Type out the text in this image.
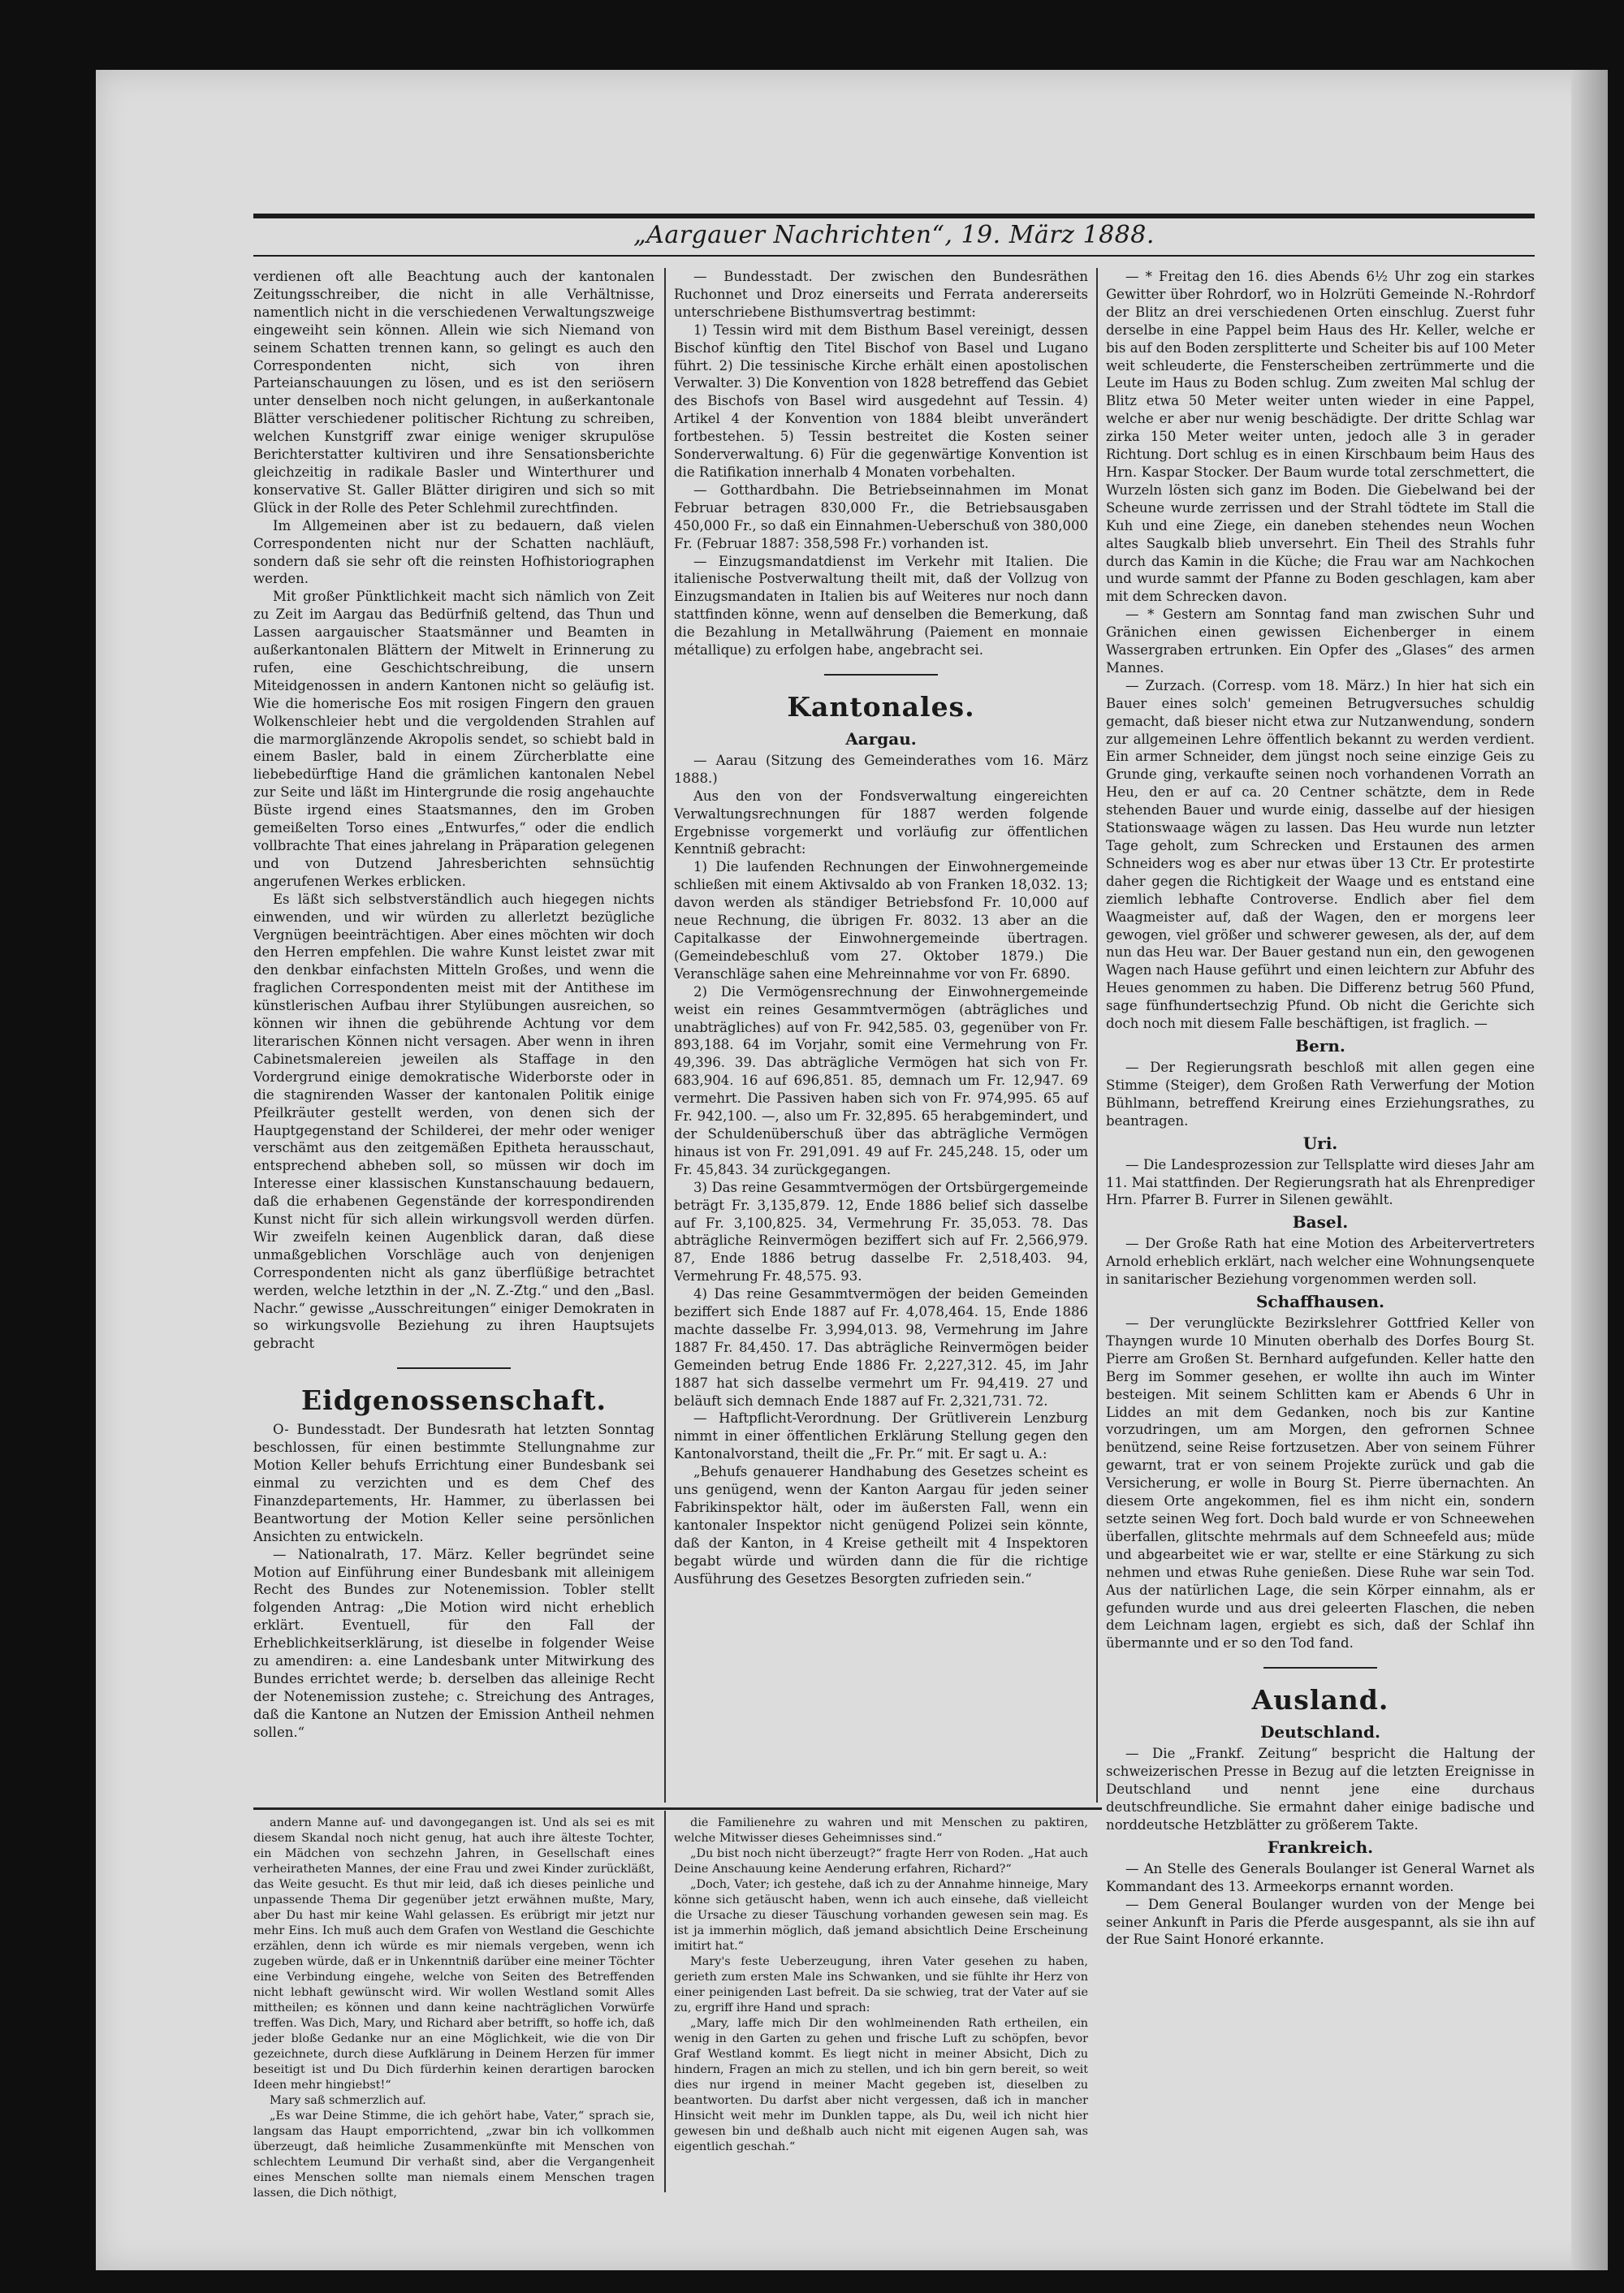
„Aargauer Nachrichten“, 19. März 1888.

verdienen oft alle Beachtung auch der kantonalen Zeitungsschreiber, die nicht in alle Verhältnisse, namentlich nicht in die verschiedenen Verwaltungszweige eingeweiht sein können. Allein wie sich Niemand von seinem Schatten trennen kann, so gelingt es auch den Correspondenten nicht, sich von ihren Parteianschauungen zu lösen, und es ist den seriösern unter denselben noch nicht gelungen, in außerkantonale Blätter verschiedener politischer Richtung zu schreiben, welchen Kunstgriff zwar einige weniger skrupulöse Berichterstatter kultiviren und ihre Sensationsberichte gleichzeitig in radikale Basler und Winterthurer und konservative St. Galler Blätter dirigiren und sich so mit Glück in der Rolle des Peter Schlehmil zurechtfinden.

Im Allgemeinen aber ist zu bedauern, daß vielen Correspondenten nicht nur der Schatten nachläuft, sondern daß sie sehr oft die reinsten Hofhistoriographen werden.

Mit großer Pünktlichkeit macht sich nämlich von Zeit zu Zeit im Aargau das Bedürfniß geltend, das Thun und Lassen aargauischer Staatsmänner und Beamten in außerkantonalen Blättern der Mitwelt in Erinnerung zu rufen, eine Geschichtschreibung, die unsern Miteidgenossen in andern Kantonen nicht so geläufig ist. Wie die homerische Eos mit rosigen Fingern den grauen Wolkenschleier hebt und die vergoldenden Strahlen auf die marmorglänzende Akropolis sendet, so schiebt bald in einem Basler, bald in einem Zürcherblatte eine liebebedürftige Hand die grämlichen kantonalen Nebel zur Seite und läßt im Hintergrunde die rosig angehauchte Büste irgend eines Staatsmannes, den im Groben gemeißelten Torso eines „Entwurfes,“ oder die endlich vollbrachte That eines jahrelang in Präparation gelegenen und von Dutzend Jahresberichten sehnsüchtig angerufenen Werkes erblicken.

Es läßt sich selbstverständlich auch hiegegen nichts einwenden, und wir würden zu allerletzt bezügliche Vergnügen beeinträchtigen. Aber eines möchten wir doch den Herren empfehlen. Die wahre Kunst leistet zwar mit den denkbar einfachsten Mitteln Großes, und wenn die fraglichen Correspondenten meist mit der Antithese im künstlerischen Aufbau ihrer Stylübungen ausreichen, so können wir ihnen die gebührende Achtung vor dem literarischen Können nicht versagen. Aber wenn in ihren Cabinetsmalereien jeweilen als Staffage in den Vordergrund einige demokratische Widerborste oder in die stagnirenden Wasser der kantonalen Politik einige Pfeilkräuter gestellt werden, von denen sich der Hauptgegenstand der Schilderei, der mehr oder weniger verschämt aus den zeitgemäßen Epitheta herausschaut, entsprechend abheben soll, so müssen wir doch im Interesse einer klassischen Kunstanschauung bedauern, daß die erhabenen Gegenstände der korrespondirenden Kunst nicht für sich allein wirkungsvoll werden dürfen. Wir zweifeln keinen Augenblick daran, daß diese unmaßgeblichen Vorschläge auch von denjenigen Correspondenten nicht als ganz überflüßige betrachtet werden, welche letzthin in der „N. Z.-Ztg.“ und den „Basl. Nachr.“ gewisse „Ausschreitungen“ einiger Demokraten in so wirkungsvolle Beziehung zu ihren Hauptsujets gebracht

Eidgenossenschaft.

O- Bundesstadt. Der Bundesrath hat letzten Sonntag beschlossen, für einen bestimmte Stellungnahme zur Motion Keller behufs Errichtung einer Bundesbank sei einmal zu verzichten und es dem Chef des Finanzdepartements, Hr. Hammer, zu überlassen bei Beantwortung der Motion Keller seine persönlichen Ansichten zu entwickeln.

— Nationalrath, 17. März. Keller begründet seine Motion auf Einführung einer Bundesbank mit alleinigem Recht des Bundes zur Notenemission. Tobler stellt folgenden Antrag: „Die Motion wird nicht erheblich erklärt. Eventuell, für den Fall der Erheblichkeitserklärung, ist dieselbe in folgender Weise zu amendiren: a. eine Landesbank unter Mitwirkung des Bundes errichtet werde; b. derselben das alleinige Recht der Notenemission zustehe; c. Streichung des Antrages, daß die Kantone an Nutzen der Emission Antheil nehmen sollen.“

— Bundesstadt. Der zwischen den Bundesräthen Ruchonnet und Droz einerseits und Ferrata andererseits unterschriebene Bisthumsvertrag bestimmt:

1) Tessin wird mit dem Bisthum Basel vereinigt, dessen Bischof künftig den Titel Bischof von Basel und Lugano führt. 2) Die tessinische Kirche erhält einen apostolischen Verwalter. 3) Die Konvention von 1828 betreffend das Gebiet des Bischofs von Basel wird ausgedehnt auf Tessin. 4) Artikel 4 der Konvention von 1884 bleibt unverändert fortbestehen. 5) Tessin bestreitet die Kosten seiner Sonderverwaltung. 6) Für die gegenwärtige Konvention ist die Ratifikation innerhalb 4 Monaten vorbehalten.

— Gotthardbahn. Die Betriebseinnahmen im Monat Februar betragen 830,000 Fr., die Betriebsausgaben 450,000 Fr., so daß ein Einnahmen-Ueberschuß von 380,000 Fr. (Februar 1887: 358,598 Fr.) vorhanden ist.

— Einzugsmandatdienst im Verkehr mit Italien. Die italienische Postverwaltung theilt mit, daß der Vollzug von Einzugsmandaten in Italien bis auf Weiteres nur noch dann stattfinden könne, wenn auf denselben die Bemerkung, daß die Bezahlung in Metallwährung (Paiement en monnaie métallique) zu erfolgen habe, angebracht sei.

Kantonales.
Aargau.

— Aarau (Sitzung des Gemeinderathes vom 16. März 1888.)

Aus den von der Fondsverwaltung eingereichten Verwaltungsrechnungen für 1887 werden folgende Ergebnisse vorgemerkt und vorläufig zur öffentlichen Kenntniß gebracht:

1) Die laufenden Rechnungen der Einwohnergemeinde schließen mit einem Aktivsaldo ab von Franken 18,032. 13; davon werden als ständiger Betriebsfond Fr. 10,000 auf neue Rechnung, die übrigen Fr. 8032. 13 aber an die Capitalkasse der Einwohnergemeinde übertragen. (Gemeindebeschluß vom 27. Oktober 1879.) Die Veranschläge sahen eine Mehreinnahme vor von Fr. 6890.

2) Die Vermögensrechnung der Einwohnergemeinde weist ein reines Gesammtvermögen (abträgliches und unabträgliches) auf von Fr. 942,585. 03, gegenüber von Fr. 893,188. 64 im Vorjahr, somit eine Vermehrung von Fr. 49,396. 39. Das abträgliche Vermögen hat sich von Fr. 683,904. 16 auf 696,851. 85, demnach um Fr. 12,947. 69 vermehrt. Die Passiven haben sich von Fr. 974,995. 65 auf Fr. 942,100. —, also um Fr. 32,895. 65 herabgemindert, und der Schuldenüberschuß über das abträgliche Vermögen hinaus ist von Fr. 291,091. 49 auf Fr. 245,248. 15, oder um Fr. 45,843. 34 zurückgegangen.

3) Das reine Gesammtvermögen der Ortsbürgergemeinde beträgt Fr. 3,135,879. 12, Ende 1886 belief sich dasselbe auf Fr. 3,100,825. 34, Vermehrung Fr. 35,053. 78. Das abträgliche Reinvermögen beziffert sich auf Fr. 2,566,979. 87, Ende 1886 betrug dasselbe Fr. 2,518,403. 94, Vermehrung Fr. 48,575. 93.

4) Das reine Gesammtvermögen der beiden Gemeinden beziffert sich Ende 1887 auf Fr. 4,078,464. 15, Ende 1886 machte dasselbe Fr. 3,994,013. 98, Vermehrung im Jahre 1887 Fr. 84,450. 17. Das abträgliche Reinvermögen beider Gemeinden betrug Ende 1886 Fr. 2,227,312. 45, im Jahr 1887 hat sich dasselbe vermehrt um Fr. 94,419. 27 und beläuft sich demnach Ende 1887 auf Fr. 2,321,731. 72.

— Haftpflicht-Verordnung. Der Grütliverein Lenzburg nimmt in einer öffentlichen Erklärung Stellung gegen den Kantonalvorstand, theilt die „Fr. Pr.“ mit. Er sagt u. A.:

„Behufs genauerer Handhabung des Gesetzes scheint es uns genügend, wenn der Kanton Aargau für jeden seiner Fabrikinspektor hält, oder im äußersten Fall, wenn ein kantonaler Inspektor nicht genügend Polizei sein könnte, daß der Kanton, in 4 Kreise getheilt mit 4 Inspektoren begabt würde und würden dann die für die richtige Ausführung des Gesetzes Besorgten zufrieden sein.“

— * Freitag den 16. dies Abends 6½ Uhr zog ein starkes Gewitter über Rohrdorf, wo in Holzrüti Gemeinde N.-Rohrdorf der Blitz an drei verschiedenen Orten einschlug. Zuerst fuhr derselbe in eine Pappel beim Haus des Hr. Keller, welche er bis auf den Boden zersplitterte und Scheiter bis auf 100 Meter weit schleuderte, die Fensterscheiben zertrümmerte und die Leute im Haus zu Boden schlug. Zum zweiten Mal schlug der Blitz etwa 50 Meter weiter unten wieder in eine Pappel, welche er aber nur wenig beschädigte. Der dritte Schlag war zirka 150 Meter weiter unten, jedoch alle 3 in gerader Richtung. Dort schlug es in einen Kirschbaum beim Haus des Hrn. Kaspar Stocker. Der Baum wurde total zerschmettert, die Wurzeln lösten sich ganz im Boden. Die Giebelwand bei der Scheune wurde zerrissen und der Strahl tödtete im Stall die Kuh und eine Ziege, ein daneben stehendes neun Wochen altes Saugkalb blieb unversehrt. Ein Theil des Strahls fuhr durch das Kamin in die Küche; die Frau war am Nachkochen und wurde sammt der Pfanne zu Boden geschlagen, kam aber mit dem Schrecken davon.

— * Gestern am Sonntag fand man zwischen Suhr und Gränichen einen gewissen Eichenberger in einem Wassergraben ertrunken. Ein Opfer des „Glases“ des armen Mannes.

— Zurzach. (Corresp. vom 18. März.) In hier hat sich ein Bauer eines solch' gemeinen Betrugversuches schuldig gemacht, daß bieser nicht etwa zur Nutzanwendung, sondern zur allgemeinen Lehre öffentlich bekannt zu werden verdient. Ein armer Schneider, dem jüngst noch seine einzige Geis zu Grunde ging, verkaufte seinen noch vorhandenen Vorrath an Heu, den er auf ca. 20 Centner schätzte, dem in Rede stehenden Bauer und wurde einig, dasselbe auf der hiesigen Stationswaage wägen zu lassen. Das Heu wurde nun letzter Tage geholt, zum Schrecken und Erstaunen des armen Schneiders wog es aber nur etwas über 13 Ctr. Er protestirte daher gegen die Richtigkeit der Waage und es entstand eine ziemlich lebhafte Controverse. Endlich aber fiel dem Waagmeister auf, daß der Wagen, den er morgens leer gewogen, viel größer und schwerer gewesen, als der, auf dem nun das Heu war. Der Bauer gestand nun ein, den gewogenen Wagen nach Hause geführt und einen leichtern zur Abfuhr des Heues genommen zu haben. Die Differenz betrug 560 Pfund, sage fünfhundertsechzig Pfund. Ob nicht die Gerichte sich doch noch mit diesem Falle beschäftigen, ist fraglich. —

Bern.

— Der Regierungsrath beschloß mit allen gegen eine Stimme (Steiger), dem Großen Rath Verwerfung der Motion Bühlmann, betreffend Kreirung eines Erziehungsrathes, zu beantragen.

Uri.

— Die Landesprozession zur Tellsplatte wird dieses Jahr am 11. Mai stattfinden. Der Regierungsrath hat als Ehrenprediger Hrn. Pfarrer B. Furrer in Silenen gewählt.

Basel.

— Der Große Rath hat eine Motion des Arbeitervertreters Arnold erheblich erklärt, nach welcher eine Wohnungsenquete in sanitarischer Beziehung vorgenommen werden soll.

Schaffhausen.

— Der verunglückte Bezirkslehrer Gottfried Keller von Thayngen wurde 10 Minuten oberhalb des Dorfes Bourg St. Pierre am Großen St. Bernhard aufgefunden. Keller hatte den Berg im Sommer gesehen, er wollte ihn auch im Winter besteigen. Mit seinem Schlitten kam er Abends 6 Uhr in Liddes an mit dem Gedanken, noch bis zur Kantine vorzudringen, um am Morgen, den gefrornen Schnee benützend, seine Reise fortzusetzen. Aber von seinem Führer gewarnt, trat er von seinem Projekte zurück und gab die Versicherung, er wolle in Bourg St. Pierre übernachten. An diesem Orte angekommen, fiel es ihm nicht ein, sondern setzte seinen Weg fort. Doch bald wurde er von Schneewehen überfallen, glitschte mehrmals auf dem Schneefeld aus; müde und abgearbeitet wie er war, stellte er eine Stärkung zu sich nehmen und etwas Ruhe genießen. Diese Ruhe war sein Tod. Aus der natürlichen Lage, die sein Körper einnahm, als er gefunden wurde und aus drei geleerten Flaschen, die neben dem Leichnam lagen, ergiebt es sich, daß der Schlaf ihn übermannte und er so den Tod fand.

Ausland.
Deutschland.

— Die „Frankf. Zeitung“ bespricht die Haltung der schweizerischen Presse in Bezug auf die letzten Ereignisse in Deutschland und nennt jene eine durchaus deutschfreundliche. Sie ermahnt daher einige badische und norddeutsche Hetzblätter zu größerem Takte.

Frankreich.

— An Stelle des Generals Boulanger ist General Warnet als Kommandant des 13. Armeekorps ernannt worden.

— Dem General Boulanger wurden von der Menge bei seiner Ankunft in Paris die Pferde ausgespannt, als sie ihn auf der Rue Saint Honoré erkannte.

andern Manne auf- und davongegangen ist. Und als sei es mit diesem Skandal noch nicht genug, hat auch ihre älteste Tochter, ein Mädchen von sechzehn Jahren, in Gesellschaft eines verheiratheten Mannes, der eine Frau und zwei Kinder zurückläßt, das Weite gesucht. Es thut mir leid, daß ich dieses peinliche und unpassende Thema Dir gegenüber jetzt erwähnen mußte, Mary, aber Du hast mir keine Wahl gelassen. Es erübrigt mir jetzt nur mehr Eins. Ich muß auch dem Grafen von Westland die Geschichte erzählen, denn ich würde es mir niemals vergeben, wenn ich zugeben würde, daß er in Unkenntniß darüber eine meiner Töchter eine Verbindung eingehe, welche von Seiten des Betreffenden nicht lebhaft gewünscht wird. Wir wollen Westland somit Alles mittheilen; es können und dann keine nachträglichen Vorwürfe treffen. Was Dich, Mary, und Richard aber betrifft, so hoffe ich, daß jeder bloße Gedanke nur an eine Möglichkeit, wie die von Dir gezeichnete, durch diese Aufklärung in Deinem Herzen für immer beseitigt ist und Du Dich fürderhin keinen derartigen barocken Ideen mehr hingiebst!“

Mary saß schmerzlich auf.

„Es war Deine Stimme, die ich gehört habe, Vater,“ sprach sie, langsam das Haupt emporrichtend, „zwar bin ich vollkommen überzeugt, daß heimliche Zusammenkünfte mit Menschen von schlechtem Leumund Dir verhaßt sind, aber die Vergangenheit eines Menschen sollte man niemals einem Menschen tragen lassen, die Dich nöthigt,

die Familienehre zu wahren und mit Menschen zu paktiren, welche Mitwisser dieses Geheimnisses sind.“

„Du bist noch nicht überzeugt?“ fragte Herr von Roden. „Hat auch Deine Anschauung keine Aenderung erfahren, Richard?“

„Doch, Vater; ich gestehe, daß ich zu der Annahme hinneige, Mary könne sich getäuscht haben, wenn ich auch einsehe, daß vielleicht die Ursache zu dieser Täuschung vorhanden gewesen sein mag. Es ist ja immerhin möglich, daß jemand absichtlich Deine Erscheinung imitirt hat.“

Mary's feste Ueberzeugung, ihren Vater gesehen zu haben, gerieth zum ersten Male ins Schwanken, und sie fühlte ihr Herz von einer peinigenden Last befreit. Da sie schwieg, trat der Vater auf sie zu, ergriff ihre Hand und sprach:

„Mary, laffe mich Dir den wohlmeinenden Rath ertheilen, ein wenig in den Garten zu gehen und frische Luft zu schöpfen, bevor Graf Westland kommt. Es liegt nicht in meiner Absicht, Dich zu hindern, Fragen an mich zu stellen, und ich bin gern bereit, so weit dies nur irgend in meiner Macht gegeben ist, dieselben zu beantworten. Du darfst aber nicht vergessen, daß ich in mancher Hinsicht weit mehr im Dunklen tappe, als Du, weil ich nicht hier gewesen bin und deßhalb auch nicht mit eigenen Augen sah, was eigentlich geschah.“
